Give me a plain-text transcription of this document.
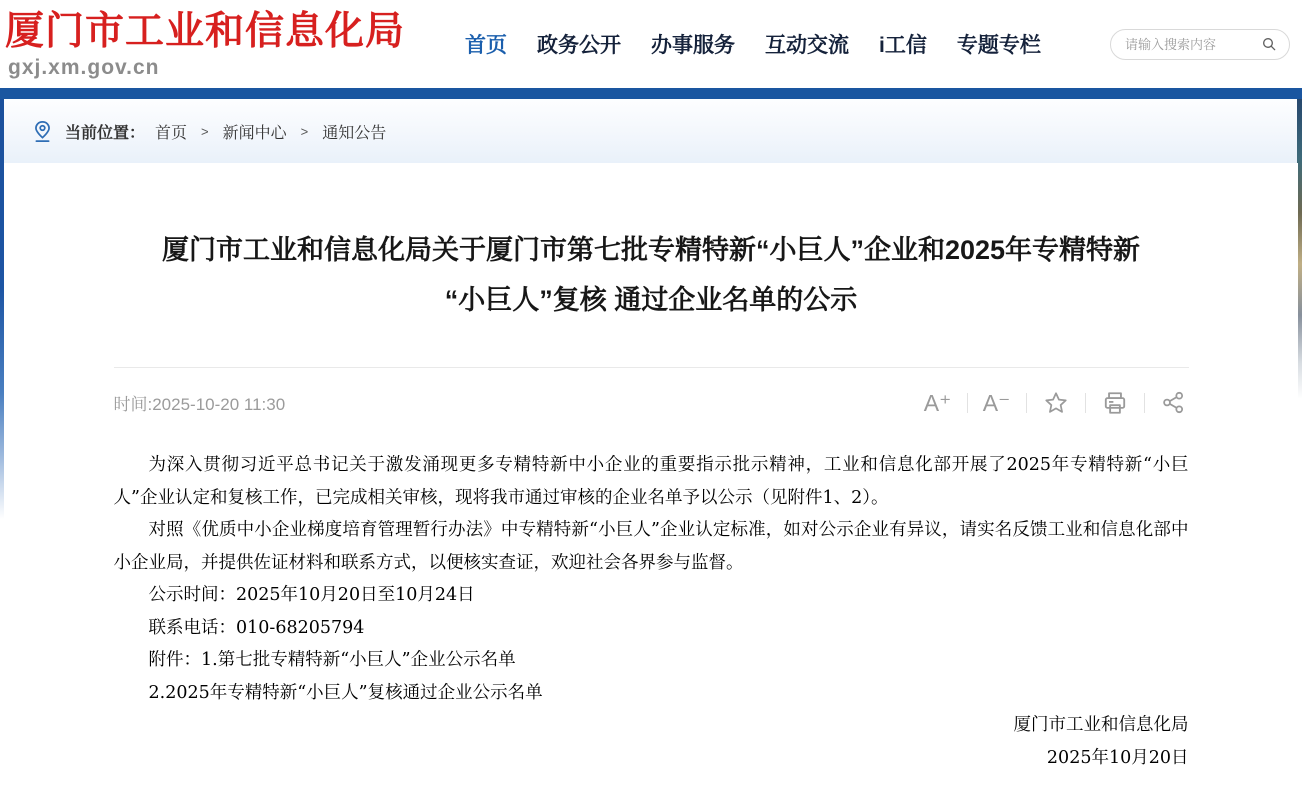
厦门市工业和信息化局
gxj.xm.gov.cn
首页 政务公开 办事服务 互动交流 i工信 专题专栏
请输入搜索内容
当前位置： 首页 > 新闻中心 > 通知公告
厦门市工业和信息化局关于厦门市第七批专精特新“小巨人”企业和2025年专精特新
“小巨人”复核 通过企业名单的公示
时间:2025-10-20 11:30	A⁺ A⁻

为深入贯彻习近平总书记关于激发涌现更多专精特新中小企业的重要指示批示精神，工业和信息化部开展了2025年专精特新“小巨人”企业认定和复核工作，已完成相关审核，现将我市通过审核的企业名单予以公示（见附件1、2）。

对照《优质中小企业梯度培育管理暂行办法》中专精特新“小巨人”企业认定标准，如对公示企业有异议，请实名反馈工业和信息化部中小企业局，并提供佐证材料和联系方式，以便核实查证，欢迎社会各界参与监督。

公示时间：2025年10月20日至10月24日

联系电话：010-68205794

附件：1.第七批专精特新“小巨人”企业公示名单

2.2025年专精特新“小巨人”复核通过企业公示名单

厦门市工业和信息化局

2025年10月20日
